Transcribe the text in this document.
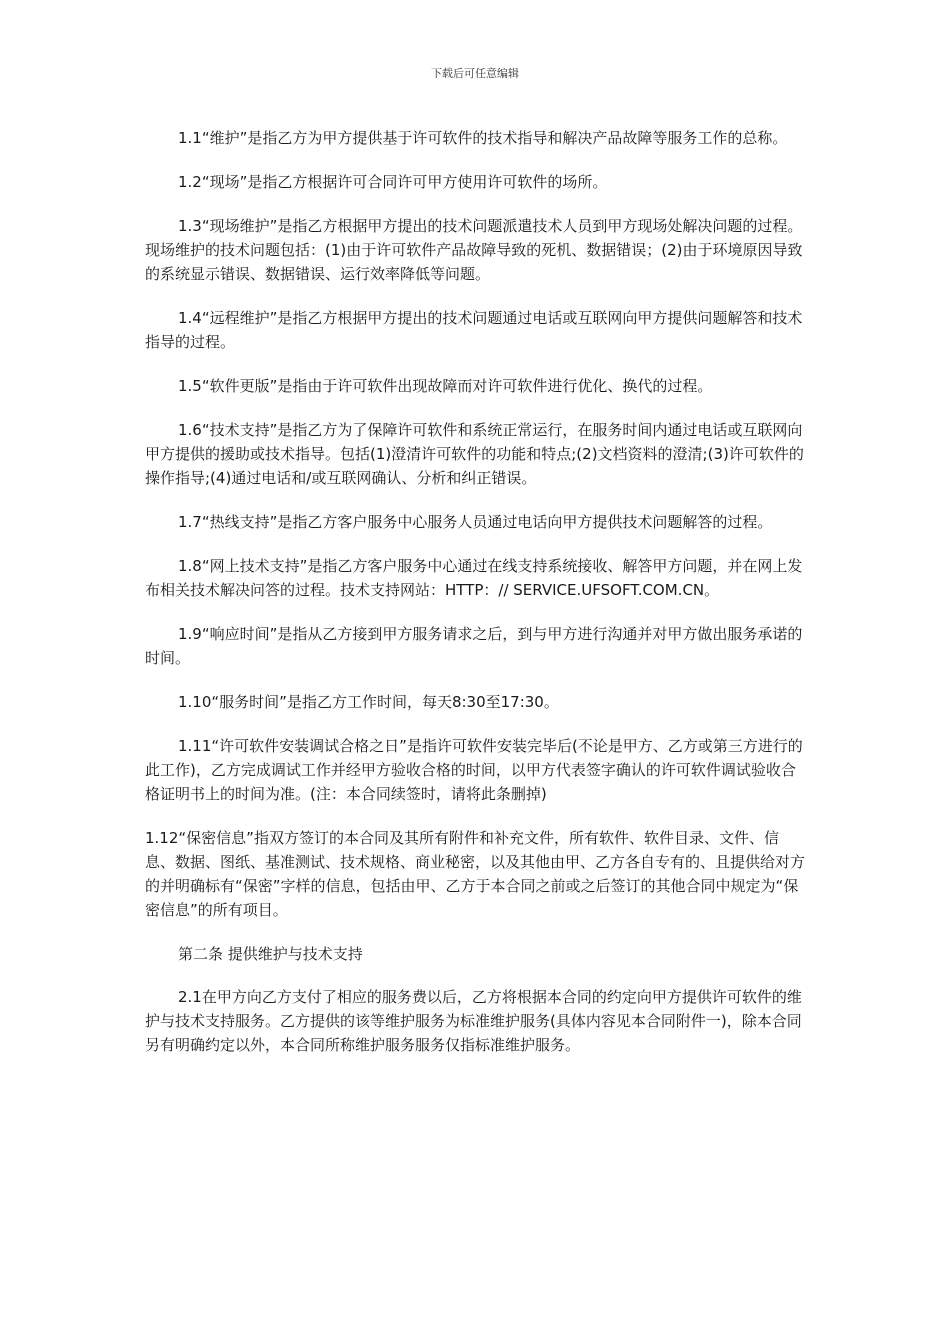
下载后可任意编辑

1.1“维护”是指乙方为甲方提供基于许可软件的技术指导和解决产品故障等服务工作的总称。

1.2“现场”是指乙方根据许可合同许可甲方使用许可软件的场所。

1.3“现场维护”是指乙方根据甲方提出的技术问题派遣技术人员到甲方现场处解决问题的过程。现场维护的技术问题包括：(1)由于许可软件产品故障导致的死机、数据错误；(2)由于环境原因导致的系统显示错误、数据错误、运行效率降低等问题。

1.4“远程维护”是指乙方根据甲方提出的技术问题通过电话或互联网向甲方提供问题解答和技术指导的过程。

1.5“软件更版”是指由于许可软件出现故障而对许可软件进行优化、换代的过程。

1.6“技术支持”是指乙方为了保障许可软件和系统正常运行，在服务时间内通过电话或互联网向甲方提供的援助或技术指导。包括(1)澄清许可软件的功能和特点;(2)文档资料的澄清;(3)许可软件的操作指导;(4)通过电话和/或互联网确认、分析和纠正错误。

1.7“热线支持”是指乙方客户服务中心服务人员通过电话向甲方提供技术问题解答的过程。

1.8“网上技术支持”是指乙方客户服务中心通过在线支持系统接收、解答甲方问题，并在网上发布相关技术解决问答的过程。技术支持网站：HTTP：// SERVICE.UFSOFT.COM.CN。

1.9“响应时间”是指从乙方接到甲方服务请求之后，到与甲方进行沟通并对甲方做出服务承诺的时间。

1.10“服务时间”是指乙方工作时间，每天8:30至17:30。

1.11“许可软件安装调试合格之日”是指许可软件安装完毕后(不论是甲方、乙方或第三方进行的此工作)，乙方完成调试工作并经甲方验收合格的时间，以甲方代表签字确认的许可软件调试验收合格证明书上的时间为准。(注：本合同续签时，请将此条删掉)

1.12“保密信息”指双方签订的本合同及其所有附件和补充文件，所有软件、软件目录、文件、信息、数据、图纸、基准测试、技术规格、商业秘密，以及其他由甲、乙方各自专有的、且提供给对方的并明确标有“保密”字样的信息，包括由甲、乙方于本合同之前或之后签订的其他合同中规定为“保密信息”的所有项目。

第二条 提供维护与技术支持

2.1在甲方向乙方支付了相应的服务费以后，乙方将根据本合同的约定向甲方提供许可软件的维护与技术支持服务。乙方提供的该等维护服务为标准维护服务(具体内容见本合同附件一)，除本合同另有明确约定以外，本合同所称维护服务服务仅指标准维护服务。
